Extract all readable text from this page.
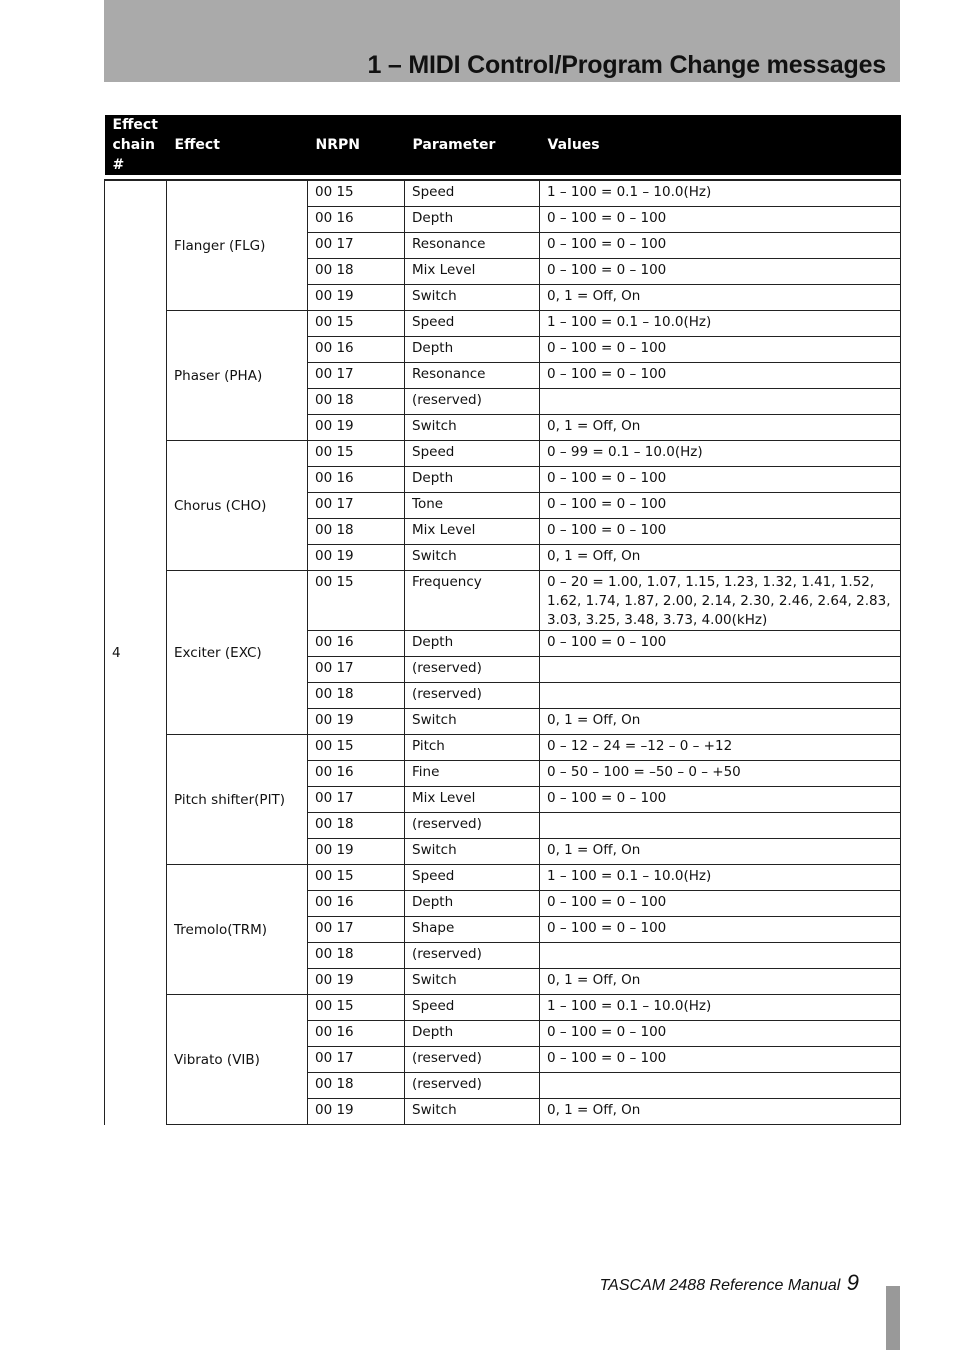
1 – MIDI Control/Program Change messages
Effect chain #	Effect	NRPN	Parameter	Values

4	Flanger (FLG)	00 15	Speed	1 – 100 = 0.1 – 10.0(Hz)
		00 16	Depth	0 – 100 = 0 – 100
		00 17	Resonance	0 – 100 = 0 – 100
		00 18	Mix Level	0 – 100 = 0 – 100
		00 19	Switch	0, 1 = Off, On
	Phaser (PHA)	00 15	Speed	1 – 100 = 0.1 – 10.0(Hz)
		00 16	Depth	0 – 100 = 0 – 100
		00 17	Resonance	0 – 100 = 0 – 100
		00 18	(reserved)	
		00 19	Switch	0, 1 = Off, On
	Chorus (CHO)	00 15	Speed	0 – 99 = 0.1 – 10.0(Hz)
		00 16	Depth	0 – 100 = 0 – 100
		00 17	Tone	0 – 100 = 0 – 100
		00 18	Mix Level	0 – 100 = 0 – 100
		00 19	Switch	0, 1 = Off, On
	Exciter (EXC)	00 15	Frequency	0 – 20 = 1.00, 1.07, 1.15, 1.23, 1.32, 1.41, 1.52, 1.62, 1.74, 1.87, 2.00, 2.14, 2.30, 2.46, 2.64, 2.83, 3.03, 3.25, 3.48, 3.73, 4.00(kHz)
		00 16	Depth	0 – 100 = 0 – 100
		00 17	(reserved)	
		00 18	(reserved)	
		00 19	Switch	0, 1 = Off, On
	Pitch shifter(PIT)	00 15	Pitch	0 – 12 – 24 = –12 – 0 – +12
		00 16	Fine	0 – 50 – 100 = –50 – 0 – +50
		00 17	Mix Level	0 – 100 = 0 – 100
		00 18	(reserved)	
		00 19	Switch	0, 1 = Off, On
	Tremolo(TRM)	00 15	Speed	1 – 100 = 0.1 – 10.0(Hz)
		00 16	Depth	0 – 100 = 0 – 100
		00 17	Shape	0 – 100 = 0 – 100
		00 18	(reserved)	
		00 19	Switch	0, 1 = Off, On
	Vibrato (VIB)	00 15	Speed	1 – 100 = 0.1 – 10.0(Hz)
		00 16	Depth	0 – 100 = 0 – 100
		00 17	(reserved)	0 – 100 = 0 – 100
		00 18	(reserved)	
		00 19	Switch	0, 1 = Off, On
TASCAM 2488 Reference Manual 9
